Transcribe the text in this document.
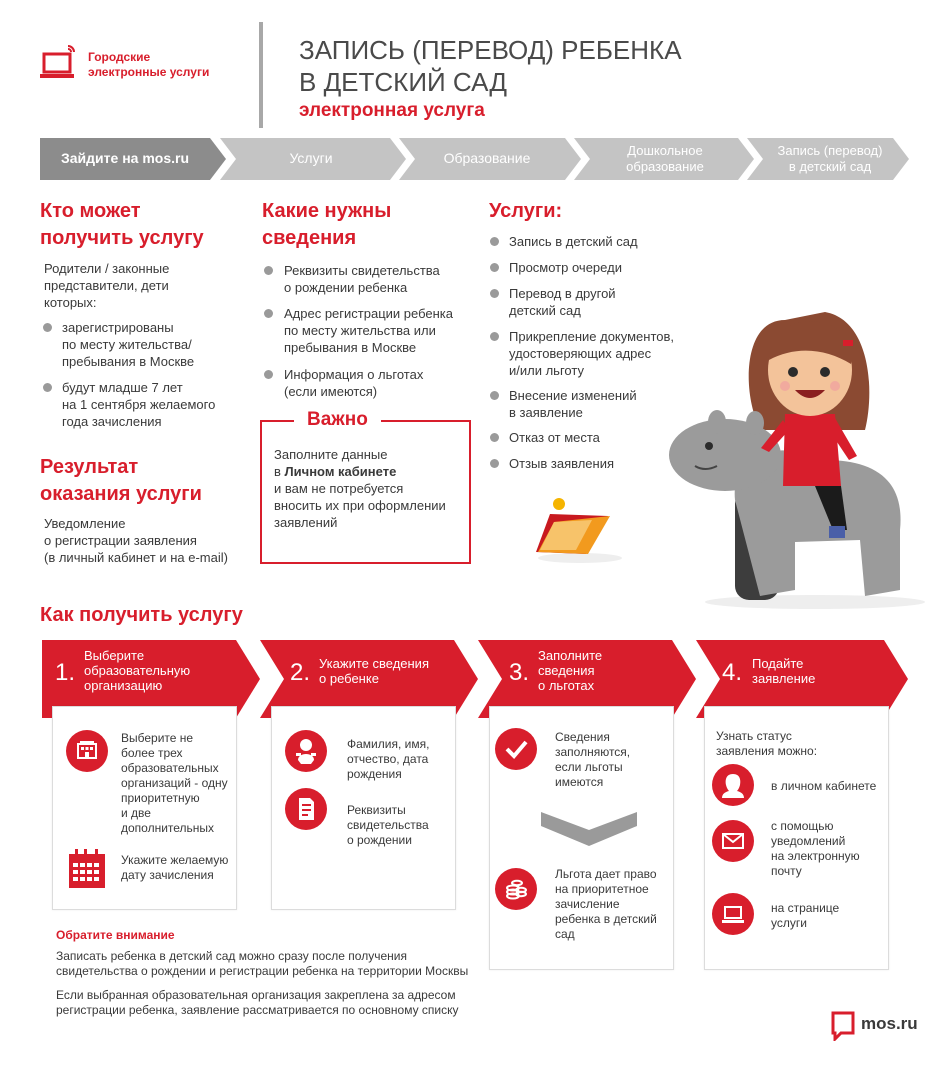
Городские
электронные услуги
ЗАПИСЬ (ПЕРЕВОД) РЕБЕНКА
В ДЕТСКИЙ САД
электронная услуга
Зайдите на mos.ru	Услуги	Образование	Дошкольное
образование
Запись (перевод)
в детский сад
Кто может
получить услугу
Родители / законные
представители, дети
которых:
зарегистрированы
по месту жительства/
пребывания в Москве
будут младше 7 лет
на 1 сентября желаемого
года зачисления
Результат
оказания услуги
Уведомление
о регистрации заявления
(в личный кабинет и на e-mail)
Какие нужны
сведения
Реквизиты свидетельства
о рождении ребенка
Адрес регистрации ребенка
по месту жительства или
пребывания в Москве
Информация о льготах
(если имеются)
Важно
Заполните данные
в Личном кабинете
и вам не потребуется
вносить их при оформлении
заявлений
Услуги:
Запись в детский сад
Просмотр очереди
Перевод в другой
детский сад
Прикрепление документов,
удостоверяющих адрес
и/или льготу
Внесение изменений
в заявление
Отказ от места
Отзыв заявления
Как получить услугу
1.
Выберите
образовательную
организацию	2. Укажите сведения
о ребенке	3.
Заполните
сведения
о льготах	4. Подайте
заявление
Выберите не
более трех
образовательных
организаций - одну
приоритетную
и две
дополнительных
Укажите желаемую
дату зачисления
Фамилия, имя,
отчество, дата
рождения
Реквизиты
свидетельства
о рождении
Сведения
заполняются,
если льготы
имеются
Льгота дает право
на приоритетное
зачисление
ребенка в детский
сад
Узнать статус
заявления можно:
в личном кабинете
с помощью
уведомлений
на электронную
почту
на странице
услуги
Обратите внимание
Записать ребенка в детский сад можно сразу после получения
свидетельства о рождении и регистрации ребенка на территории Москвы
Если выбранная образовательная организация закреплена за адресом
регистрации ребенка, заявление рассматривается по основному списку
mos.ru
